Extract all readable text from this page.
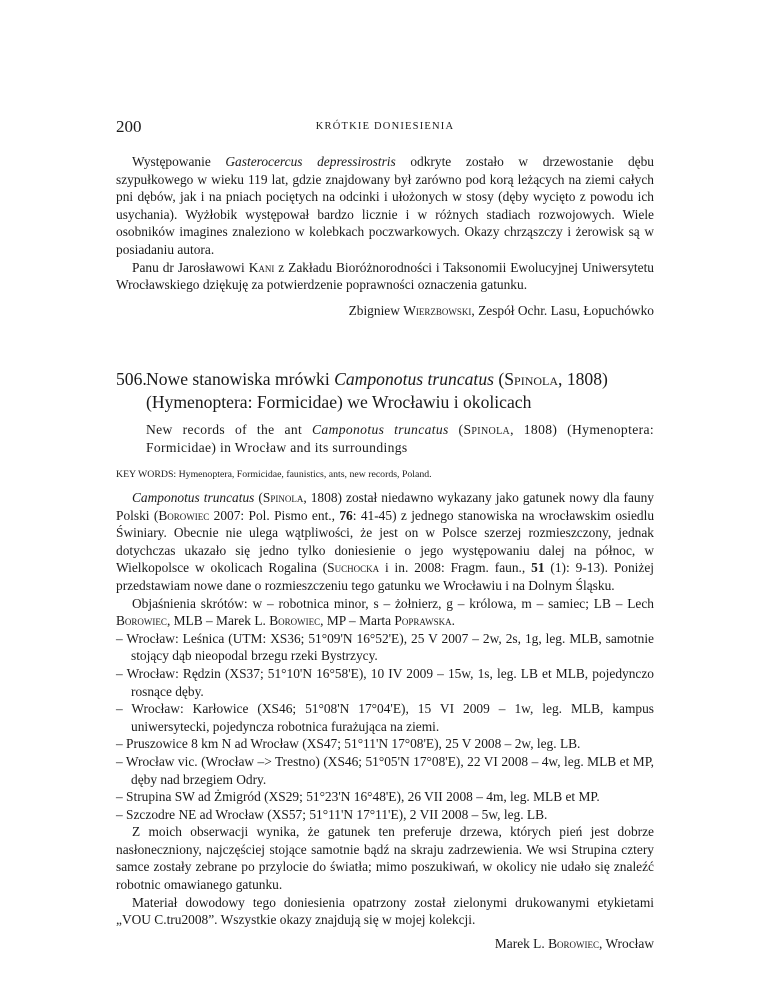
200	KRÓTKIE DONIESIENIA

Występowanie Gasterocercus depressirostris odkryte zostało w drzewostanie dębu szypułkowego w wieku 119 lat, gdzie znajdowany był zarówno pod korą leżących na ziemi całych pni dębów, jak i na pniach pociętych na odcinki i ułożonych w stosy (dęby wycięto z powodu ich usychania). Wyżłobik występował bardzo licznie i w różnych stadiach rozwojowych. Wiele osobników imagines znaleziono w kolebkach poczwarkowych. Okazy chrząszczy i żerowisk są w posiadaniu autora.

Panu dr Jarosławowi Kani z Zakładu Bioróżnorodności i Taksonomii Ewolucyjnej Uniwersytetu Wrocławskiego dziękuję za potwierdzenie poprawności oznaczenia gatunku.

Zbigniew Wierzbowski, Zespół Ochr. Lasu, Łopuchówko

506.Nowe stanowiska mrówki Camponotus truncatus (Spinola, 1808)
(Hymenoptera: Formicidae) we Wrocławiu i okolicach
New records of the ant Camponotus truncatus (Spinola, 1808) (Hymenoptera: Formicidae) in Wrocław and its surroundings
KEY WORDS: Hymenoptera, Formicidae, faunistics, ants, new records, Poland.

Camponotus truncatus (Spinola, 1808) został niedawno wykazany jako gatunek nowy dla fauny Polski (Borowiec 2007: Pol. Pismo ent., 76: 41-45) z jednego stanowiska na wrocławskim osiedlu Świniary. Obecnie nie ulega wątpliwości, że jest on w Polsce szerzej rozmieszczony, jednak dotychczas ukazało się jedno tylko doniesienie o jego występowaniu dalej na północ, w Wielkopolsce w okolicach Rogalina (Suchocka i in. 2008: Fragm. faun., 51 (1): 9-13). Poniżej przedstawiam nowe dane o rozmieszczeniu tego gatunku we Wrocławiu i na Dolnym Śląsku.

Objaśnienia skrótów: w – robotnica minor, s – żołnierz, g – królowa, m – samiec; LB – Lech Borowiec, MLB – Marek L. Borowiec, MP – Marta Poprawska.

– Wrocław: Leśnica (UTM: XS36; 51°09'N 16°52'E), 25 V 2007 – 2w, 2s, 1g, leg. MLB, samotnie stojący dąb nieopodal brzegu rzeki Bystrzycy.

– Wrocław: Rędzin (XS37; 51°10'N 16°58'E), 10 IV 2009 – 15w, 1s, leg. LB et MLB, pojedynczo rosnące dęby.

– Wrocław: Karłowice (XS46; 51°08'N 17°04'E), 15 VI 2009 – 1w, leg. MLB, kampus uniwersytecki, pojedyncza robotnica furażująca na ziemi.

– Pruszowice 8 km N ad Wrocław (XS47; 51°11'N 17°08'E), 25 V 2008 – 2w, leg. LB.

– Wrocław vic. (Wrocław –> Trestno) (XS46; 51°05'N 17°08'E), 22 VI 2008 – 4w, leg. MLB et MP, dęby nad brzegiem Odry.

– Strupina SW ad Żmigród (XS29; 51°23'N 16°48'E), 26 VII 2008 – 4m, leg. MLB et MP.

– Szczodre NE ad Wrocław (XS57; 51°11'N 17°11'E), 2 VII 2008 – 5w, leg. LB.

Z moich obserwacji wynika, że gatunek ten preferuje drzewa, których pień jest dobrze nasłoneczniony, najczęściej stojące samotnie bądź na skraju zadrzewienia. We wsi Strupina cztery samce zostały zebrane po przylocie do światła; mimo poszukiwań, w okolicy nie udało się znaleźć robotnic omawianego gatunku.

Materiał dowodowy tego doniesienia opatrzony został zielonymi drukowanymi etykietami „VOU C.tru2008”. Wszystkie okazy znajdują się w mojej kolekcji.

Marek L. Borowiec, Wrocław
